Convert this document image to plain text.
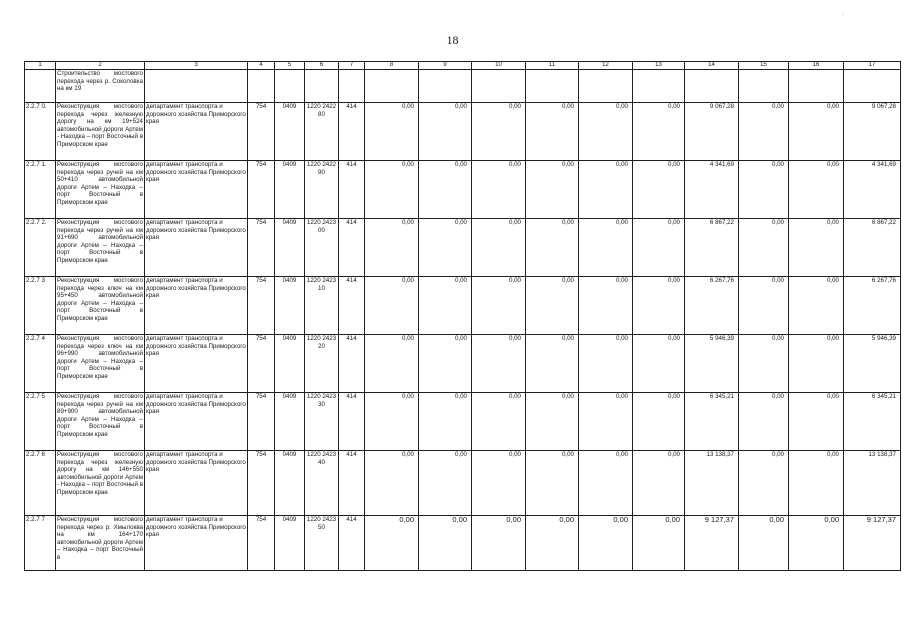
18
·
1	2	3	4	5	6	7	8	9	10	11	12	13	14	15	16	17
	Строительство мостового перехода через р. Соколовка на км 19															
2.2.7 0.	Реконструкция мостового перехода через железную дорогу на км 19+524 автомобильной дороги Артем - Находка – порт Восточный в Приморском крае	департамент транспорта и дорожного хозяйства Приморского края	754	0409	1220 2422 80	414	0,00	0,00	0,00	0,00	0,00	0,00	9 067,28	0,00	0,00	9 067,28
2.2.7 1.	Реконструкция мостового перехода через ручей на км 50+410 автомобильной дороги Артем – Находка – порт Восточный в Приморском крае	департамент транспорта и дорожного хозяйства Приморского края	754	0409	1220 2422 90	414	0,00	0,00	0,00	0,00	0,00	0,00	4 341,69	0,00	0,00	4 341,69
2.2.7 2.	Реконструкция мостового перехода через ручей на км 91+690 автомобильной дороги Артем – Находка – порт Восточный в Приморском крае	департамент транспорта и дорожного хозяйства Приморского края	754	0409	1220 2423 00	414	0,00	0,00	0,00	0,00	0,00	0,00	6 867,22	0,00	0,00	6 867,22
2.2.7 3	Реконструкция мостового перехода через ключ на км 95+450 автомобильной дороги Артем – Находка – порт Восточный в Приморском крае	департамент транспорта и дорожного хозяйства Приморского края	754	0409	1220 2423 10	414	0,00	0,00	0,00	0,00	0,00	0,00	6 267,76	0,00	0,00	6 267,76
2.2.7 4	Реконструкция мостового перехода через ключ на км 96+990 автомобильной дороги Артем – Находка – порт Восточный в Приморском крае	департамент транспорта и дорожного хозяйства Приморского края	754	0409	1220 2423 20	414	0,00	0,00	0,00	0,00	0,00	0,00	5 946,39	0,00	0,00	5 946,39
2.2.7 5	Реконструкция мостового перехода через ручей на км 89+900 автомобильной дороги Артем – Находка – порт Восточный в Приморском крае	департамент транспорта и дорожного хозяйства Приморского края	754	0409	1220 2423 30	414	0,00	0,00	0,00	0,00	0,00	0,00	6 345,21	0,00	0,00	6 345,21
2.2.7 6	Реконструкция мостового перехода через железную дорогу на км 146+550 автомобильной дороги Артем - Находка – порт Восточный в Приморском крае	департамент транспорта и дорожного хозяйства Приморского края	754	0409	1220 2423 40	414	0,00	0,00	0,00	0,00	0,00	0,00	13 138,37	0,00	0,00	13 138,37
2.2.7 7	Реконструкция мостового перехода через р. Хмылоква на км 164+170 автомобильной дороги Артем – Находка – порт Восточный в	департамент транспорта и дорожного хозяйства Приморского края	754	0409	1220 2423 50	414	0,00	0,00	0,00	0,00	0,00	0,00	9 127,37	0,00	0,00	9 127,37
